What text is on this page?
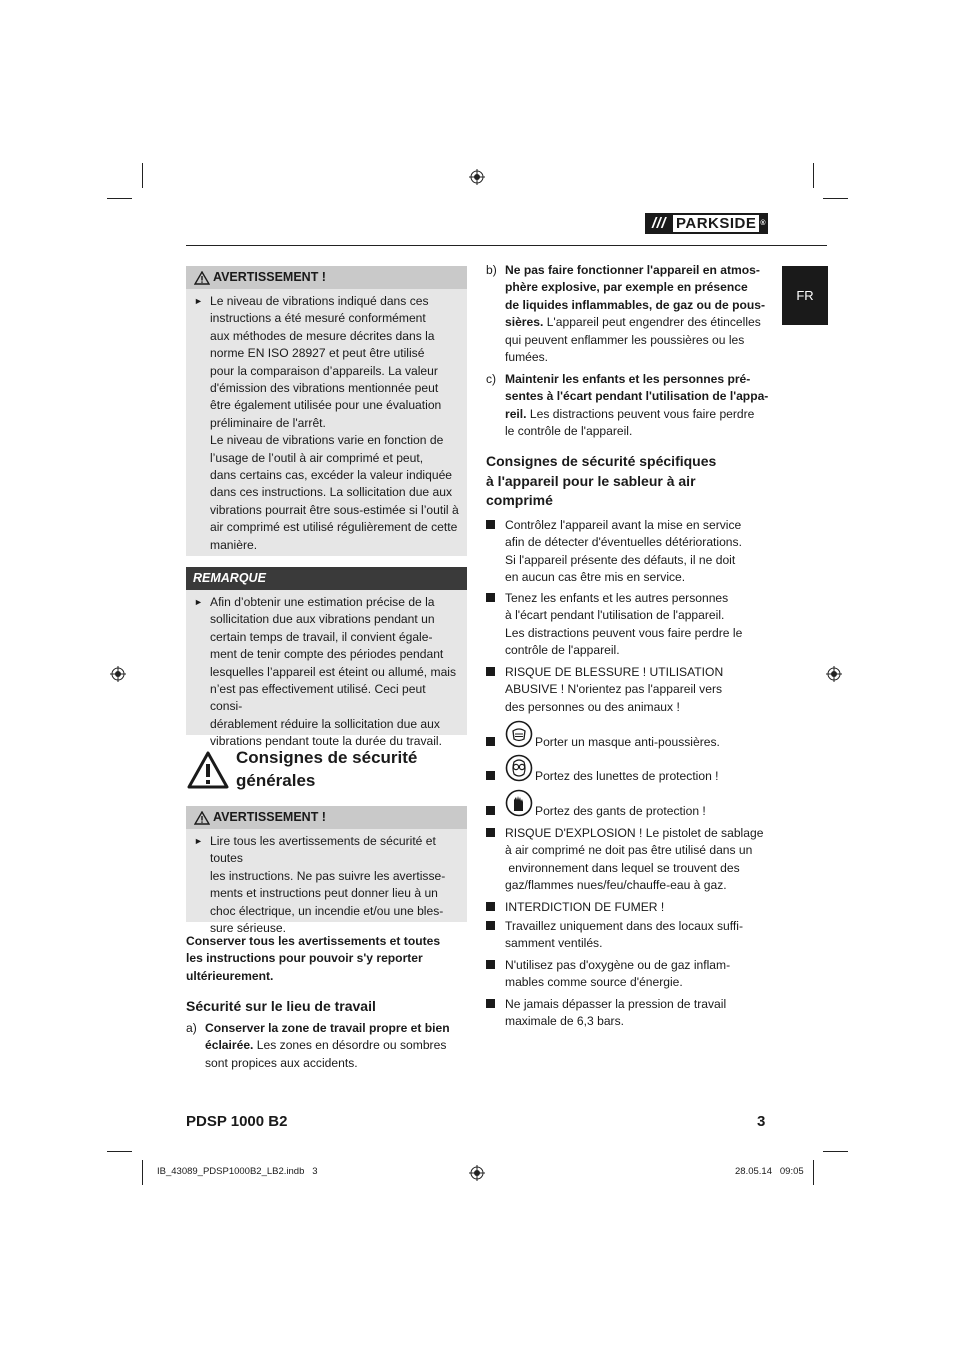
/// PARKSIDE ®
FR
AVERTISSEMENT !
► Le niveau de vibrations indiqué dans ces
instructions a été mesuré conformément
aux méthodes de mesure décrites dans la
norme EN ISO 28927 et peut être utilisé
pour la comparaison d’appareils. La valeur
d'émission des vibrations mentionnée peut
être également utilisée pour une évaluation
préliminaire de l'arrêt.
Le niveau de vibrations varie en fonction de
l’usage de l’outil à air comprimé et peut,
dans certains cas, excéder la valeur indiquée
dans ces instructions. La sollicitation due aux
vibrations pourrait être sous-estimée si l’outil à
air comprimé est utilisé régulièrement de cette
manière.
REMARQUE
► Afin d’obtenir une estimation précise de la
sollicitation due aux vibrations pendant un
certain temps de travail, il convient égale-
ment de tenir compte des périodes pendant
lesquelles l’appareil est éteint ou allumé, mais
n’est pas effectivement utilisé. Ceci peut consi-
dérablement réduire la sollicitation due aux
vibrations pendant toute la durée du travail.
Consignes de sécurité
générales
AVERTISSEMENT !
► Lire tous les avertissements de sécurité et toutes
les instructions. Ne pas suivre les avertisse-
ments et instructions peut donner lieu à un
choc électrique, un incendie et/ou une bles-
sure sérieuse.
Conserver tous les avertissements et toutes
les instructions pour pouvoir s'y reporter
ultérieurement.
Sécurité sur le lieu de travail
a) Conserver la zone de travail propre et bien
éclairée. Les zones en désordre ou sombres
sont propices aux accidents.
b) Ne pas faire fonctionner l'appareil en atmos-
phère explosive, par exemple en présence
de liquides inflammables, de gaz ou de pous-
sières. L'appareil peut engendrer des étincelles
qui peuvent enflammer les poussières ou les
fumées.
c) Maintenir les enfants et les personnes pré-
sentes à l'écart pendant l'utilisation de l'appa-
reil. Les distractions peuvent vous faire perdre
le contrôle de l'appareil.
Consignes de sécurité spécifiques
à l'appareil pour le sableur à air
comprimé
Contrôlez l'appareil avant la mise en service
afin de détecter d'éventuelles détériorations.
Si l'appareil présente des défauts, il ne doit
en aucun cas être mis en service.
Tenez les enfants et les autres personnes
à l'écart pendant l'utilisation de l'appareil.
Les distractions peuvent vous faire perdre le
contrôle de l'appareil.
RISQUE DE BLESSURE ! UTILISATION
ABUSIVE ! N'orientez pas l'appareil vers
des personnes ou des animaux !
Porter un masque anti-poussières.
Portez des lunettes de protection !
Portez des gants de protection !
RISQUE D'EXPLOSION ! Le pistolet de sablage
à air comprimé ne doit pas être utilisé dans un
environnement dans lequel se trouvent des
gaz/flammes nues/feu/chauffe-eau à gaz.
INTERDICTION DE FUMER !
Travaillez uniquement dans des locaux suffi-
samment ventilés.
N'utilisez pas d'oxygène ou de gaz inflam-
mables comme source d'énergie.
Ne jamais dépasser la pression de travail
maximale de 6,3 bars.
PDSP 1000 B2	3
IB_43089_PDSP1000B2_LB2.indb   3	28.05.14   09:05
